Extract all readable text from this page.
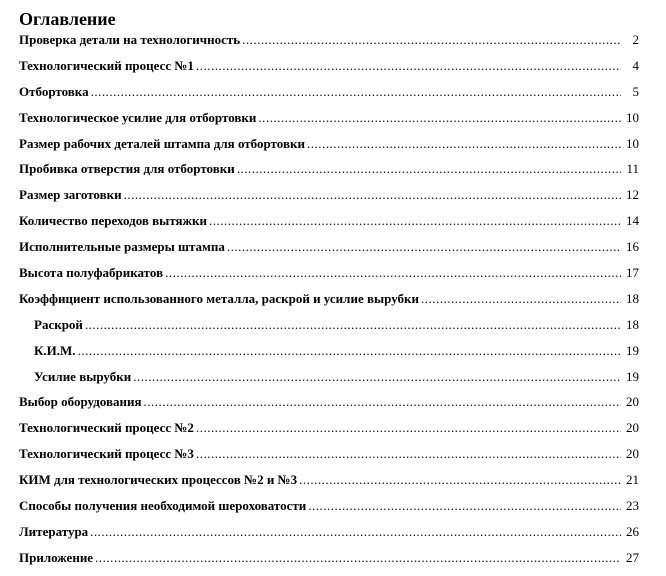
Оглавление
Проверка детали на технологичность .....	2
Технологический процесс №1 .....	4
Отбортовка .....	5
Технологическое усилие для отбортовки .....	10
Размер рабочих деталей штампа для отбортовки .....	10
Пробивка отверстия для отбортовки .....	11
Размер заготовки .....	12
Количество переходов вытяжки .....	14
Исполнительные размеры штампа .....	16
Высота полуфабрикатов .....	17
Коэффициент использованного металла, раскрой и усилие вырубки .....	18
Раскрой .....	18
К.И.М. .....	19
Усилие вырубки .....	19
Выбор оборудования .....	20
Технологический процесс №2 .....	20
Технологический процесс №3 .....	20
КИМ для технологических процессов №2 и №3 .....	21
Способы получения необходимой шероховатости .....	23
Литература .....	26
Приложение .....	27
